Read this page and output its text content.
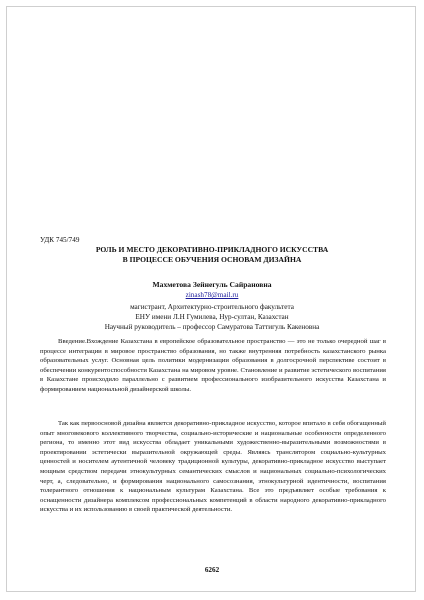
УДК 745/749
РОЛЬ И МЕСТО ДЕКОРАТИВНО-ПРИКЛАДНОГО ИСКУССТВА
В ПРОЦЕССЕ ОБУЧЕНИЯ ОСНОВАМ ДИЗАЙНА
Махметова Зейнегуль Сайрановна
zinash78@mail.ru
магистрант, Архитектурно-строительного факультета
ЕНУ имени Л.Н Гумилева, Нур-султан, Казахстан
Научный руководитель – профессор Самуратова Таттигуль Какеновна

Введение.Вхождение Казахстана в европейское образовательное пространство — это не только очередной шаг в процессе интеграции в мировое пространство образования, но также внутренняя потребность казахстанского рынка образовательных услуг. Основная цель политики модернизации образования в долгосрочной перспективе состоит в обеспечении конкурентоспособности Казахстана на мировом уровне. Становление и развитие эстетического воспитания в Казахстане происходило параллельно с развитием профессионального изобразительного искусства Казахстана и формированием национальной дизайнерской школы.

Так как первоосновой дизайна является декоративно-прикладное искусство, которое впитало в себя обогащенный опыт многовекового коллективного творчества, социально-исторические и национальные особенности определенного региона, то именно этот вид искусства обладает уникальными художественно-выразительными возможностями в проектировании эстетически выразительной окружающей среды. Являясь транслятором социально-культурных ценностей и носителем аутентичной человеку традиционной культуры, декоративно-прикладное искусство выступает мощным средством передачи этнокультурных семантических смыслов и национальных социально-психологических черт, а, следовательно, и формирования национального самосознания, этнокультурной идентичности, воспитания толерантного отношения к национальным культурам Казахстана. Все это предъявляет особые требования к оснащенности дизайнера комплексом профессиональных компетенций в области народного декоративно-прикладного искусства и их использованию в своей практической деятельности.

6262
